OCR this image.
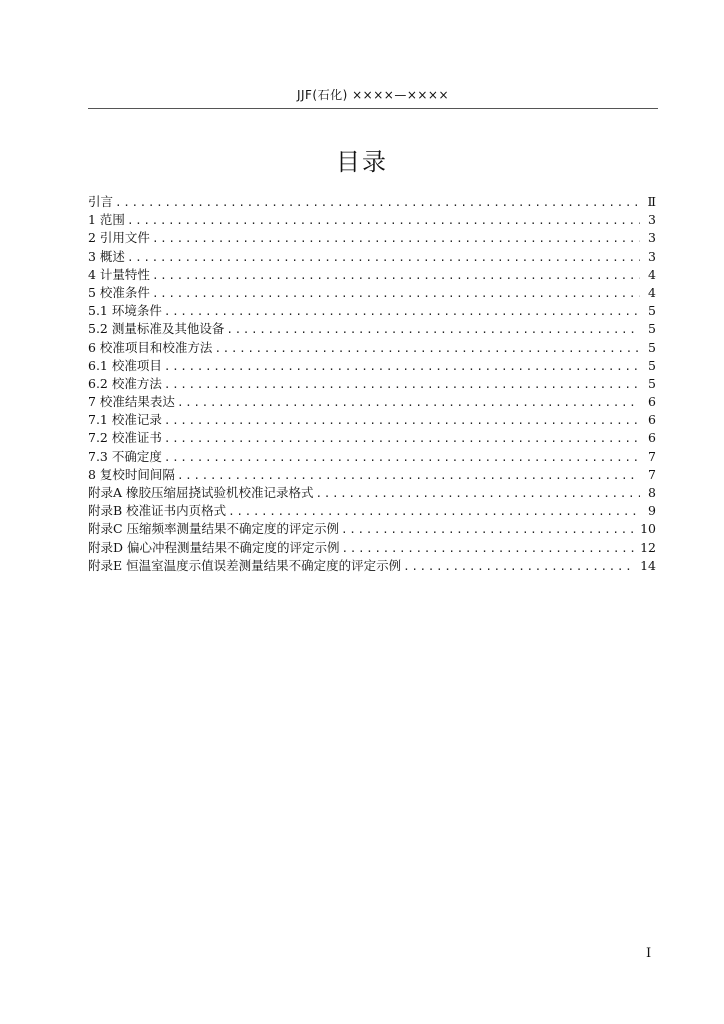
JJF(石化) ××××—××××
目录
引言 .....	Ⅱ
1 范围 .....	3
2 引用文件 .....	3
3 概述 .....	3
4 计量特性 .....	4
5 校准条件 .....	4
5.1 环境条件 .....	5
5.2 测量标准及其他设备 .....	5
6 校准项目和校准方法 .....	5
6.1 校准项目 .....	5
6.2 校准方法 .....	5
7 校准结果表达 .....	6
7.1 校准记录 .....	6
7.2 校准证书 .....	6
7.3 不确定度 .....	7
8 复校时间间隔 .....	7
附录A 橡胶压缩屈挠试验机校准记录格式 .....	8
附录B 校准证书内页格式 .....	9
附录C 压缩频率测量结果不确定度的评定示例 .....	10
附录D 偏心冲程测量结果不确定度的评定示例 .....	12
附录E 恒温室温度示值误差测量结果不确定度的评定示例 .....	14
I
